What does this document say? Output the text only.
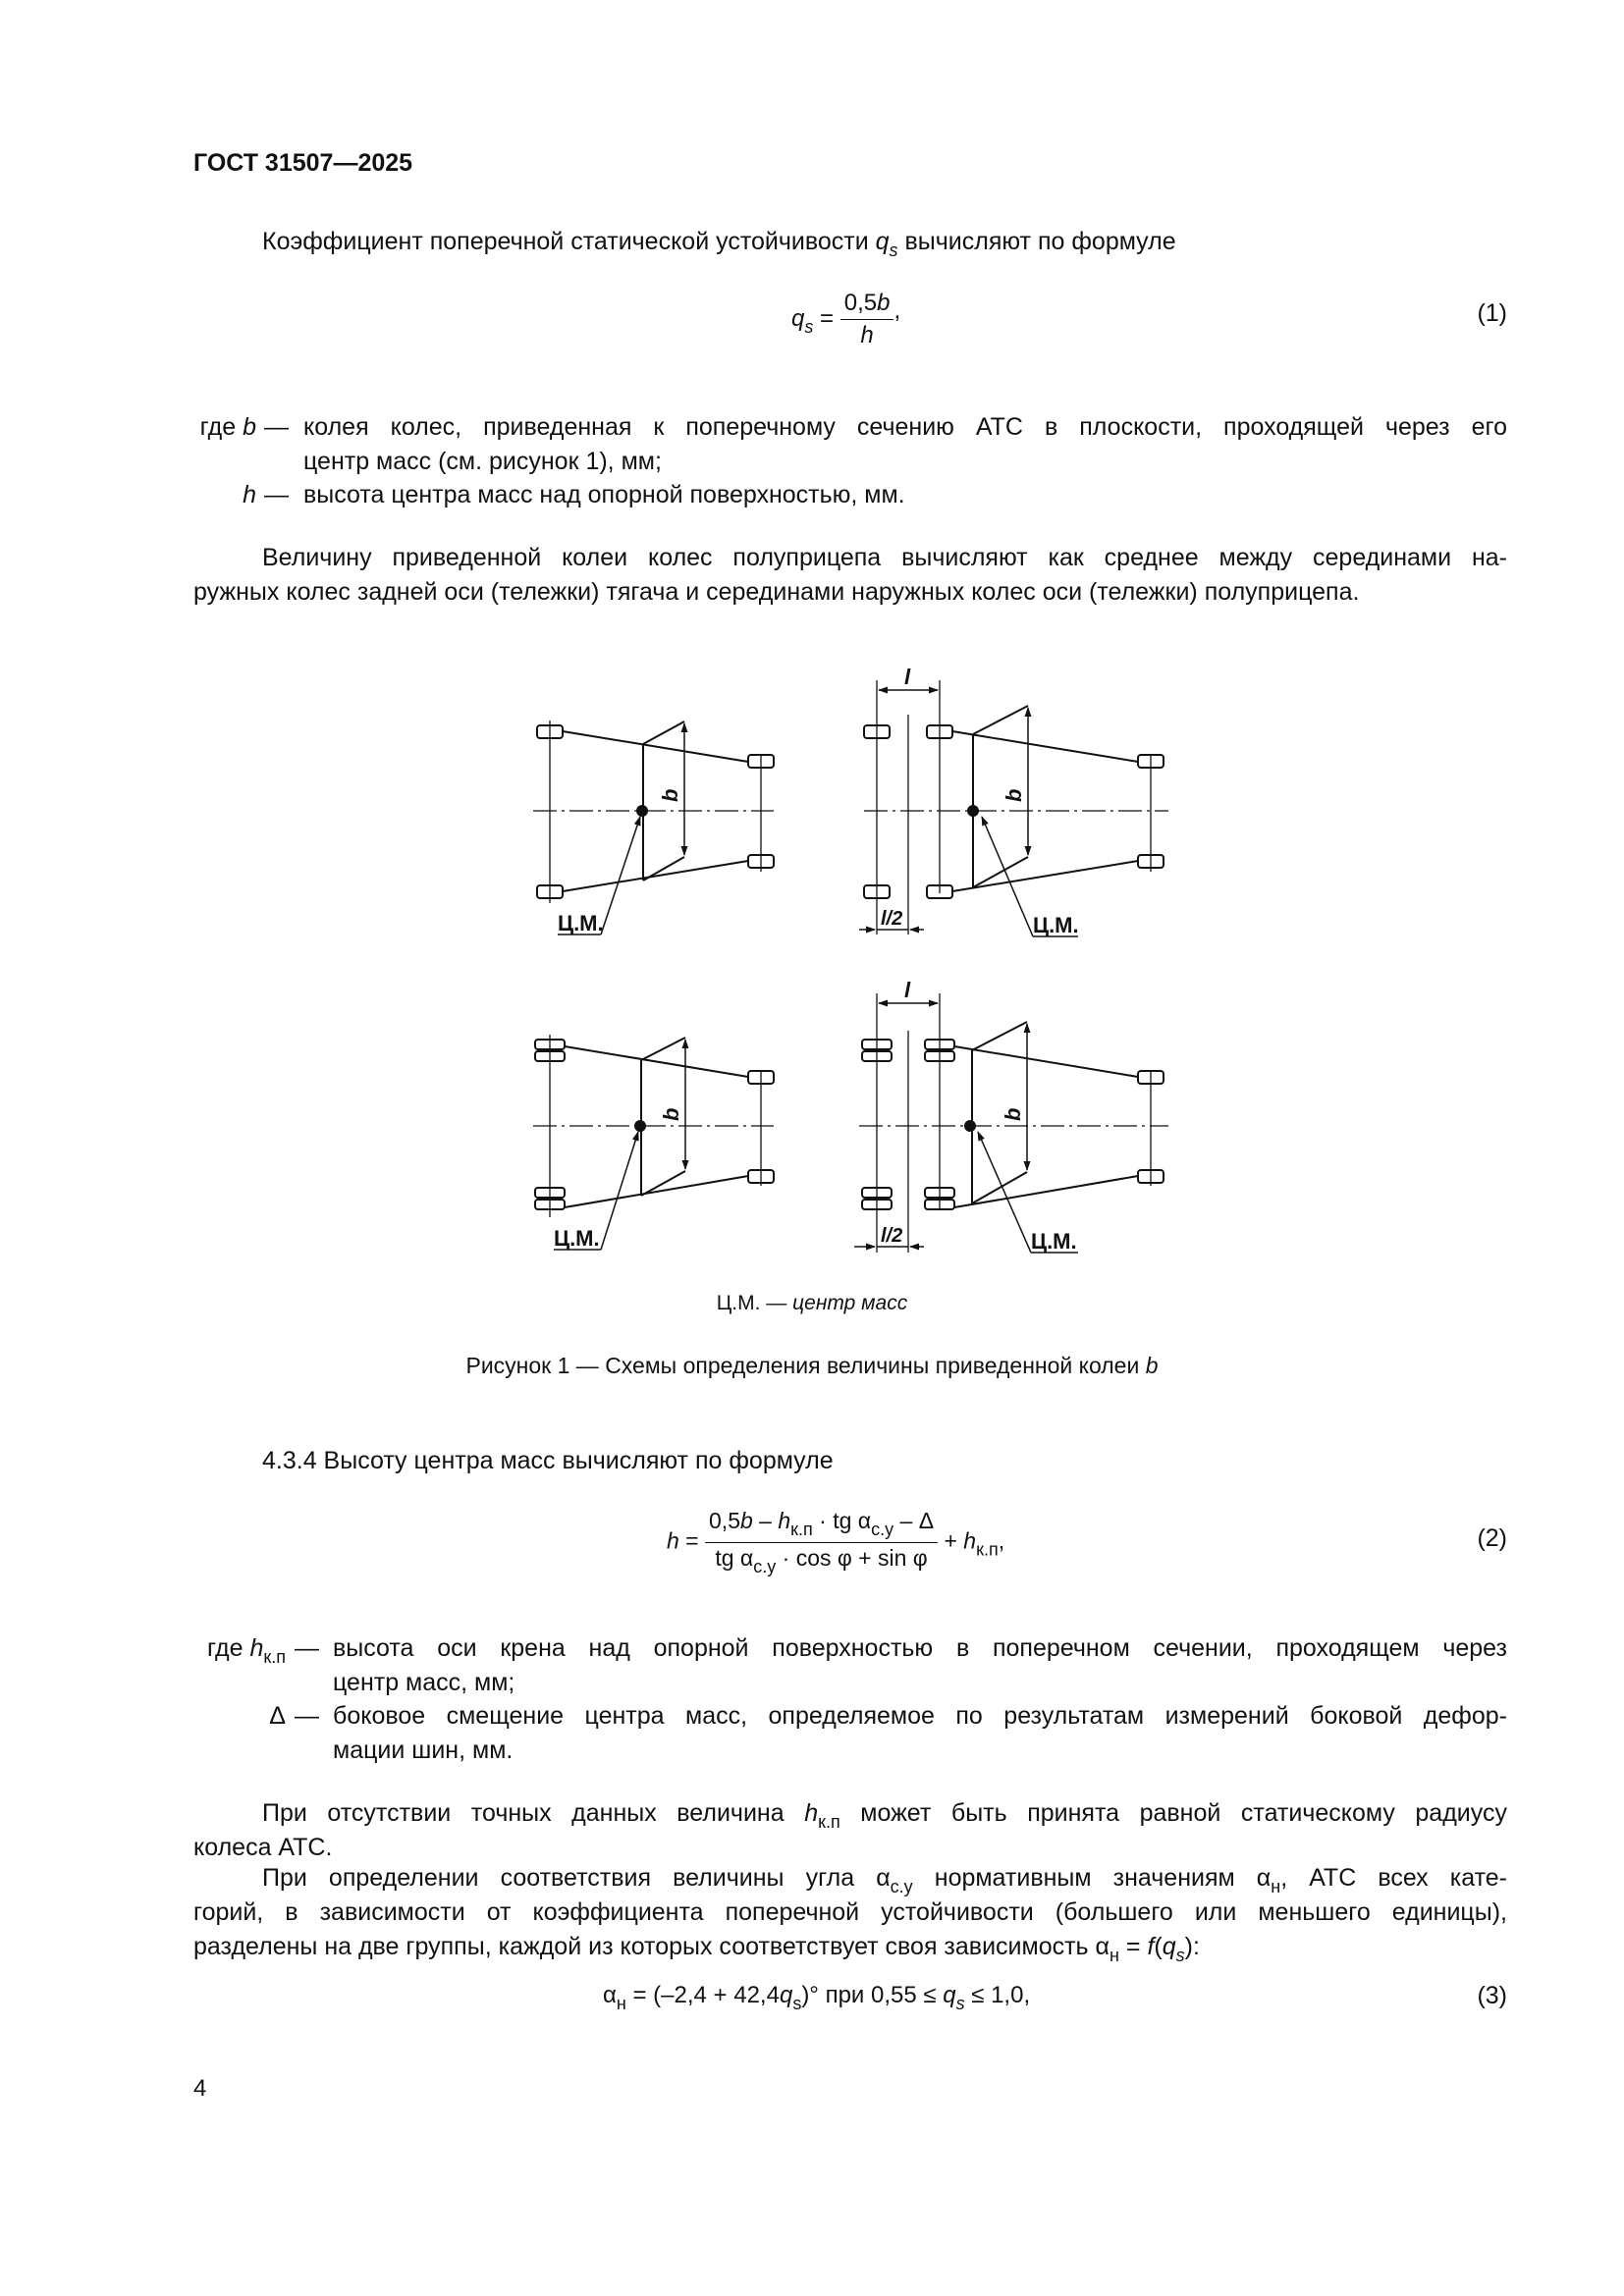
ГОСТ 31507—2025
Коэффициент поперечной статической устойчивости $q_s$ вычисляют по формуле
$q_s = \frac{0,5b}{h}$ ,	(1)
где b — колея колес, приведенная к поперечному сечению АТС в плоскости, проходящей через его
центр масс (см. рисунок 1), мм;
h — высота центра масс над опорной поверхностью, мм.
Величину приведенной колеи колес полуприцепа вычисляют как среднее между серединами на-
ружных колес задней оси (тележки) тягача и серединами наружных колес оси (тележки) полуприцепа.
Ц.М.	Ц.М.
Ц.М.	Ц.М.
l/2
l/2
l
l
b	b
b	b
Ц.М. — центр масс
Рисунок 1 — Схемы определения величины приведенной колеи b
4.3.4 Высоту центра масс вычисляют по формуле
$h = \frac{0,5b - h_{к.п} \cdot tg \alpha_{с.у} - \Delta}{tg \alpha_{с.у} \cdot \cos \varphi + \sin \varphi} + h_{к.п}$,	(2)
где $h_{к.п}$ — высота оси крена над опорной поверхностью в поперечном сечении, проходящем через
центр масс, мм;
Δ — боковое смещение центра масс, определяемое по результатам измерений боковой дефор-
мации шин, мм.
При отсутствии точных данных величина $h_{к.п}$ может быть принята равной статическому радиусу
колеса АТС.
При определении соответствия величины угла $\alpha_{с.у}$ нормативным значениям $\alpha_н$, АТС всех кате-
горий, в зависимости от коэффициента поперечной устойчивости (большего или меньшего единицы),
разделены на две группы, каждой из которых соответствует своя зависимость $\alpha_н = f(q_s)$:
$\alpha_н = (-2,4 + 42,4q_s)^\circ$ при $0,55 \le q_s \le 1,0$,	(3)
4
